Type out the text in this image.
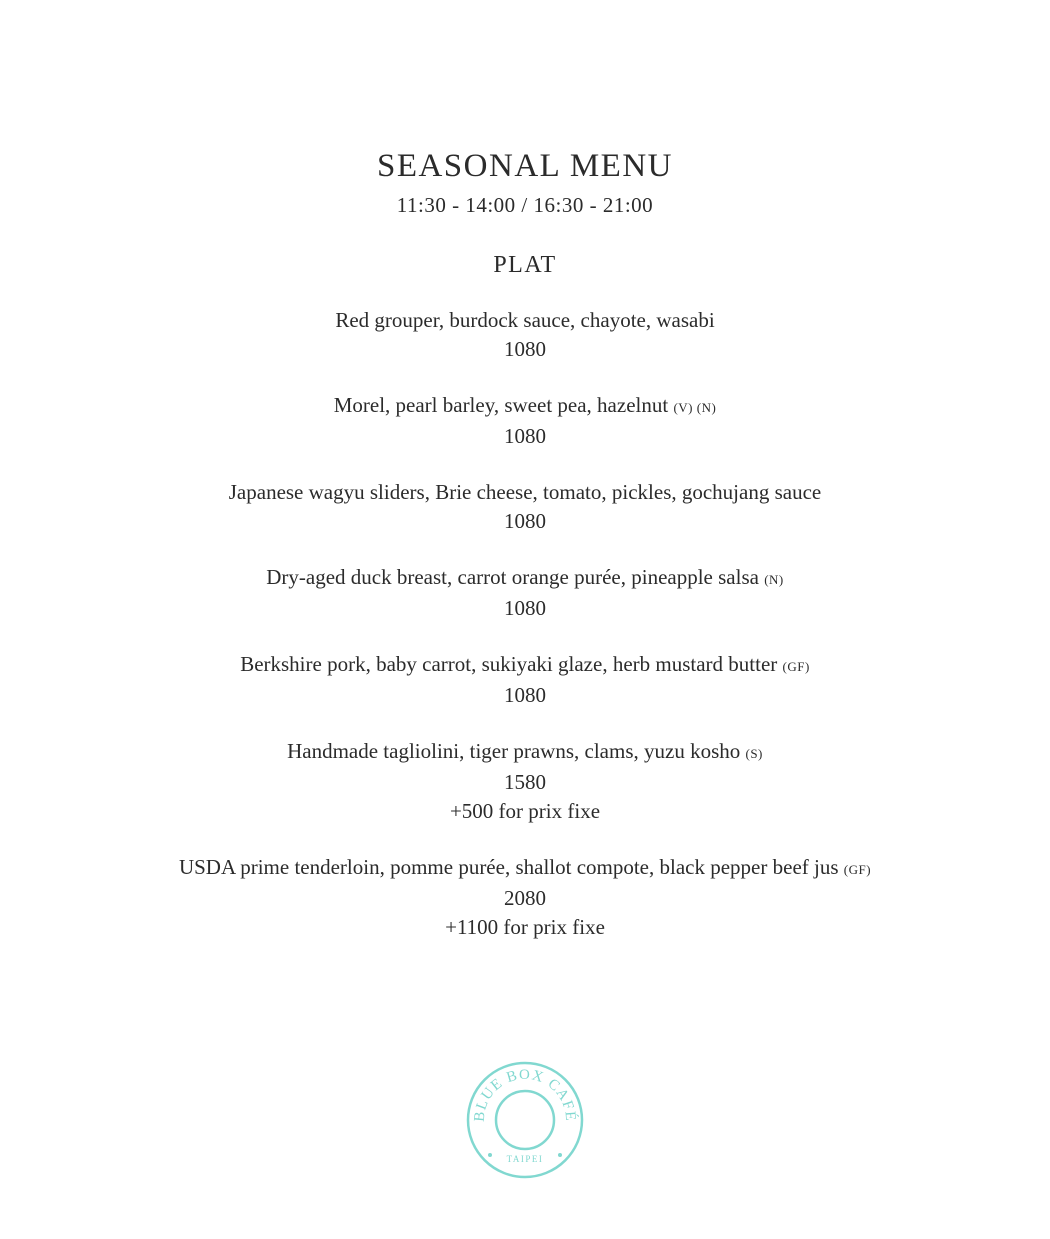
SEASONAL MENU
11:30 - 14:00 / 16:30 - 21:00
PLAT
Red grouper, burdock sauce, chayote, wasabi
1080
Morel, pearl barley, sweet pea, hazelnut (V) (N)
1080
Japanese wagyu sliders, Brie cheese, tomato, pickles, gochujang sauce
1080
Dry-aged duck breast, carrot orange purée, pineapple salsa (N)
1080
Berkshire pork, baby carrot, sukiyaki glaze, herb mustard butter (GF)
1080
Handmade tagliolini, tiger prawns, clams, yuzu kosho (S)
1580
+500 for prix fixe
USDA prime tenderloin, pomme purée, shallot compote, black pepper beef jus (GF)
2080
+1100 for prix fixe
BLUE BOX CAFÉ
TAIPEI
